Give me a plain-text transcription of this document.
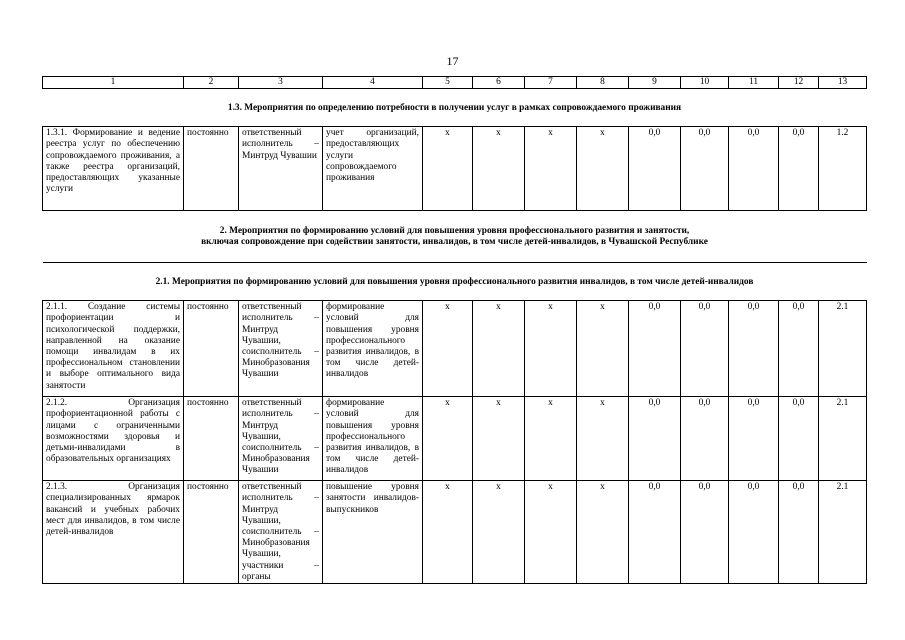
17
1	2	3	4	5	6	7	8	9	10	11	12	13

1.3. Мероприятия по определению потребности в получении услуг в рамках сопровождаемого проживания												

1.3.1. Формирование и ведение реестра услуг по обеспечению сопровождаемого проживания, а также реестра организаций, предоставляющих указанные услуги	постоянно	ответственный исполнитель – Минтруд Чувашии	учет организаций, предоставляющих услуги сопровождаемого проживания	х	х	х	х	0,0	0,0	0,0	0,0	1.2

2. Мероприятия по формированию условий для повышения уровня профессионального развития и занятости,
включая сопровождение при содействии занятости, инвалидов, в том числе детей-инвалидов, в Чувашской Республике												

2.1. Мероприятия по формированию условий для повышения уровня профессионального развития инвалидов, в том числе детей-инвалидов												

2.1.1. Создание системы профориентации и психологической поддержки, направленной на оказание помощи инвалидам в их профессиональном становлении и выборе оптимального вида занятости	постоянно	ответственный исполнитель – Минтруд Чувашии, соисполнитель – Минобразования Чувашии	формирование условий для повышения уровня профессионального развития инвалидов, в том числе детей-инвалидов	х	х	х	х	0,0	0,0	0,0	0,0	2.1
2.1.2. Организация профориентационной работы с лицами с ограниченными возможностями здоровья и детьми-инвалидами в образовательных организациях	постоянно	ответственный исполнитель – Минтруд Чувашии, соисполнитель – Минобразования Чувашии	формирование условий для повышения уровня профессионального развития инвалидов, в том числе детей-инвалидов	х	х	х	х	0,0	0,0	0,0	0,0	2.1
2.1.3. Организация специализированных ярмарок вакансий и учебных рабочих мест для инвалидов, в том числе детей-инвалидов	постоянно	ответственный исполнитель – Минтруд Чувашии, соисполнитель – Минобразования Чувашии, участники – органы	повышение уровня занятости инвалидов-выпускников	х	х	х	х	0,0	0,0	0,0	0,0	2.1
